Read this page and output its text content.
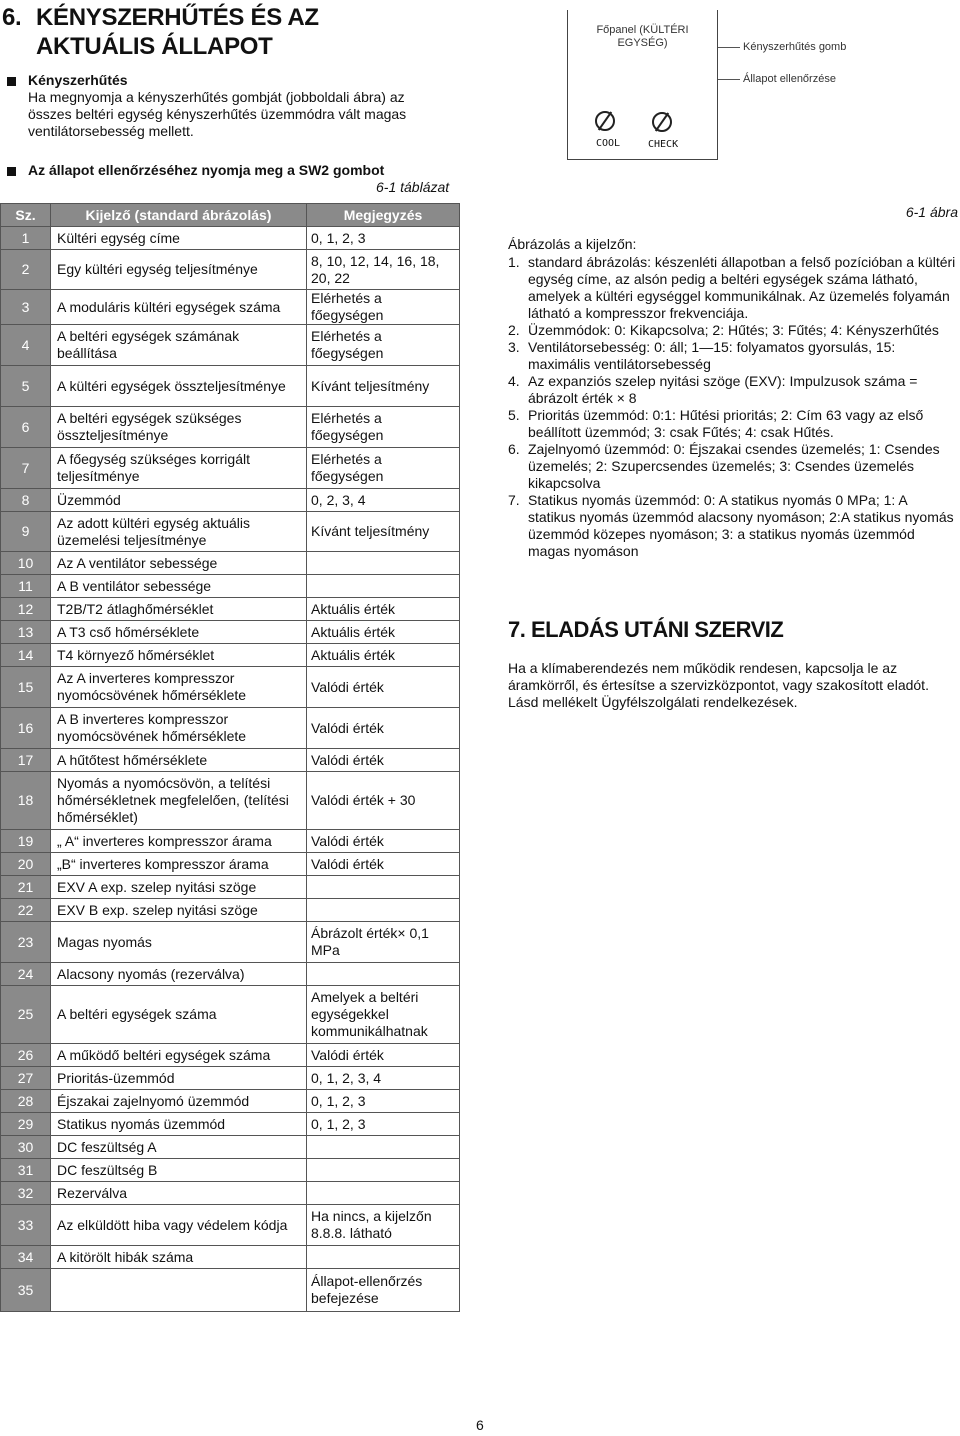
6. KÉNYSZERHŰTÉS ÉS AZ AKTUÁLIS ÁLLAPOT
Kényszerhűtés
Ha megnyomja a kényszerhűtés gombját (jobboldali ábra) az összes beltéri egység kényszerhűtés üzemmódra vált magas ventilátorsebesség mellett.
Az állapot ellenőrzéséhez nyomja meg a SW2 gombot
6-1 táblázat
Főpanel (KÜLTÉRI
EGYSÉG)	Kényszerhűtés gomb
Állapot ellenőrzése
COOL	CHECK
Sz.	Kijelző (standard ábrázolás)	Megjegyzés
1	Kültéri egység címe	0, 1, 2, 3
2	Egy kültéri egység teljesítménye	8, 10, 12, 14, 16, 18, 20, 22
3	A moduláris kültéri egységek száma	Elérhetés a főegységen
4	A beltéri egységek számának beállítása	Elérhetés a főegységen
5	A kültéri egységek összteljesítménye	Kívánt teljesítmény
6	A beltéri egységek szükséges összteljesítménye	Elérhetés a főegységen
7	A főegység szükséges korrigált teljesítménye	Elérhetés a főegységen
8	Üzemmód	0, 2, 3, 4
9	Az adott kültéri egység aktuális üzemelési teljesítménye	Kívánt teljesítmény
10	Az A ventilátor sebessége	
11	A B ventilátor sebessége	
12	T2B/T2 átlaghőmérséklet	Aktuális érték
13	A T3 cső hőmérséklete	Aktuális érték
14	T4 környező hőmérséklet	Aktuális érték
15	Az A inverteres kompresszor nyomócsövének hőmérséklete	Valódi érték
16	A B inverteres kompresszor nyomócsövének hőmérséklete	Valódi érték
17	A hűtőtest hőmérséklete	Valódi érték
18	Nyomás a nyomócsövön, a telítési hőmérsékletnek megfelelően, (telítési hőmérséklet)	Valódi érték + 30
19	„ A“ inverteres kompresszor árama	Valódi érték
20	„B“ inverteres kompresszor árama	Valódi érték
21	EXV A exp. szelep nyitási szöge	
22	EXV B exp. szelep nyitási szöge	
23	Magas nyomás	Ábrázolt érték× 0,1 MPa
24	Alacsony nyomás (rezerválva)	
25	A beltéri egységek száma	Amelyek a beltéri egységekkel kommunikálhatnak
26	A működő beltéri egységek száma	Valódi érték
27	Prioritás-üzemmód	0, 1, 2, 3, 4
28	Éjszakai zajelnyomó üzemmód	0, 1, 2, 3
29	Statikus nyomás üzemmód	0, 1, 2, 3
30	DC feszültség A	
31	DC feszültség B	
32	Rezerválva	
33	Az elküldött hiba vagy védelem kódja	Ha nincs, a kijelzőn 8.8.8. látható
34	A kitörölt hibák száma	
35		Állapot-ellenőrzés befejezése
6-1 ábra
Ábrázolás a kijelzőn:
1. standard ábrázolás: készenléti állapotban a felső pozícióban a kültéri egység címe, az alsón pedig a beltéri egységek száma látható, amelyek a kültéri egységgel kommunikálnak. Az üzemelés folyamán látható a kompresszor frekvenciája.
2. Üzemmódok: 0: Kikapcsolva; 2: Hűtés; 3: Fűtés; 4: Kényszerhűtés
3. Ventilátorsebesség: 0: áll; 1—15: folyamatos gyorsulás, 15: maximális ventilátorsebesség
4. Az expanziós szelep nyitási szöge (EXV): Impulzusok száma = ábrázolt érték × 8
5. Prioritás üzemmód: 0:1: Hűtési prioritás; 2: Cím 63 vagy az első beállított üzemmód; 3: csak Fűtés; 4: csak Hűtés.
6. Zajelnyomó üzemmód: 0: Éjszakai csendes üzemelés; 1: Csendes üzemelés; 2: Szupercsendes üzemelés; 3: Csendes üzemelés kikapcsolva
7. Statikus nyomás üzemmód: 0: A statikus nyomás 0 MPa; 1: A statikus nyomás üzemmód alacsony nyomáson; 2:A statikus nyomás üzemmód közepes nyomáson; 3: a statikus nyomás üzemmód magas nyomáson
7. ELADÁS UTÁNI SZERVIZ
Ha a klímaberendezés nem működik rendesen, kapcsolja le az áramkörről, és értesítse a szervizközpontot, vagy szakosított eladót. Lásd mellékelt Ügyfélszolgálati rendelkezések.
6
